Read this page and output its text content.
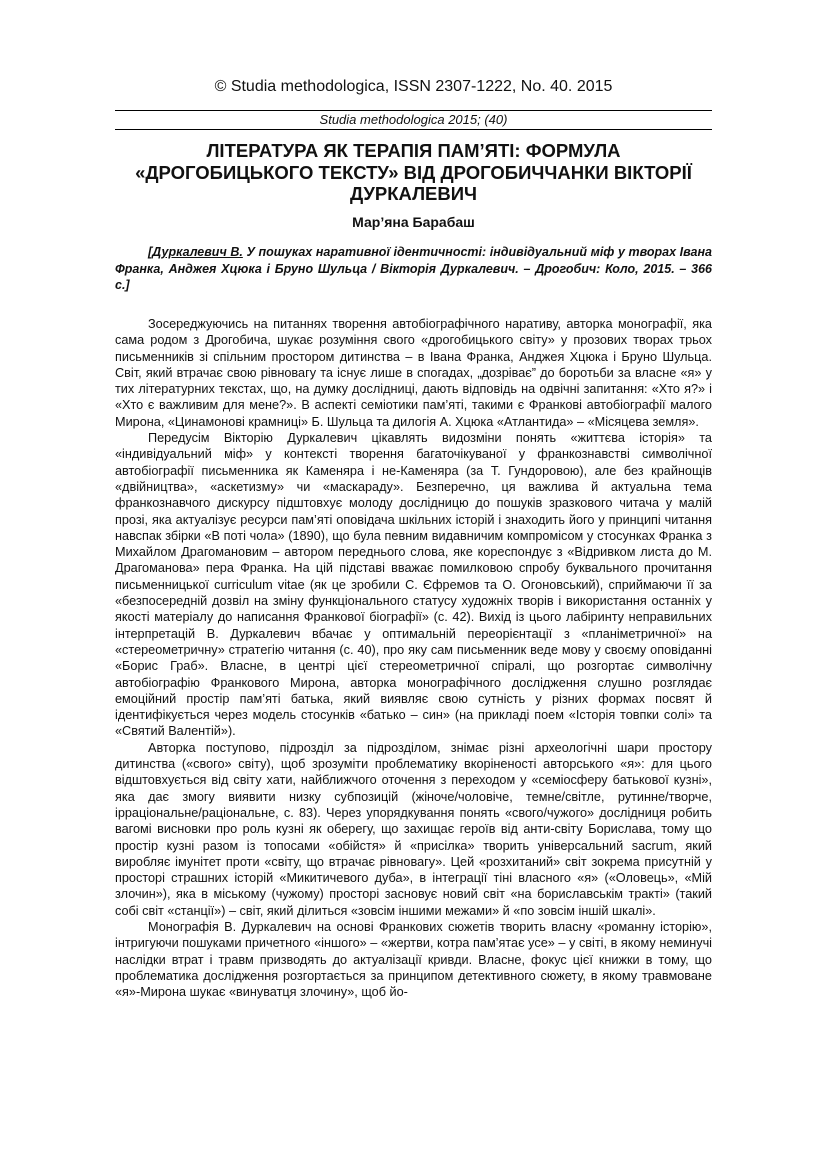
© Studia methodologica, ISSN 2307-1222, No. 40. 2015
Studia methodologica 2015; (40)
ЛІТЕРАТУРА ЯК ТЕРАПІЯ ПАМ’ЯТІ: ФОРМУЛА «ДРОГОБИЦЬКОГО ТЕКСТУ» ВІД ДРОГОБИЧЧАНКИ ВІКТОРІЇ ДУРКАЛЕВИЧ
Мар’яна Барабаш

[Дуркалевич В. У пошуках наративної ідентичності: індивідуальний міф у творах Івана Франка, Анджея Хцюка і Бруно Шульца / Вікторія Дуркалевич. – Дрогобич: Коло, 2015. – 366 с.]

Зосереджуючись на питаннях творення автобіографічного наративу, авторка монографії, яка сама родом з Дрогобича, шукає розуміння свого «дрогобицького світу» у прозових творах трьох письменників зі спільним простором дитинства – в Івана Франка, Анджея Хцюка і Бруно Шульца. Світ, який втрачає свою рівновагу та існує лише в спогадах, „дозріває” до боротьби за власне «я» у тих літературних текстах, що, на думку дослідниці, дають відповідь на одвічні запитання: «Хто я?» і «Хто є важливим для мене?». В аспекті семіотики пам’яті, такими є Франкові автобіографії малого Мирона, «Цинамонові крамниці» Б. Шульца та дилогія А. Хцюка «Атлантида» – «Місяцева земля».

Передусім Вікторію Дуркалевич цікавлять видозміни понять «життєва історія» та «індивідуальний міф» у контексті творення багаточікуваної у франкознавстві символічної автобіографії письменника як Каменяра і не-Каменяра (за Т. Гундоровою), але без крайнощів «двійництва», «аскетизму» чи «маскараду». Безперечно, ця важлива й актуальна тема франкознавчого дискурсу підштовхує молоду дослідницю до пошуків зразкового читача у малій прозі, яка актуалізує ресурси пам’яті оповідача шкільних історій і знаходить його у принципі читання навспак збірки «В поті чола» (1890), що була певним видавничим компромісом у стосунках Франка з Михайлом Драгомановим – автором переднього слова, яке кореспондує з «Відривком листа до М. Драгоманова» пера Франка. На цій підставі вважає помилковою спробу буквального прочитання письменницької curriculum vitae (як це зробили С. Єфремов та О. Огоновський), сприймаючи її за «безпосередній дозвіл на зміну функціонального статусу художніх творів і використання останніх у якості матеріалу до написання Франкової біографії» (с. 42). Вихід із цього лабіринту неправильних інтерпретацій В. Дуркалевич вбачає у оптимальній переорієнтації з «планіметричної» на «стереометричну» стратегію читання (с. 40), про яку сам письменник веде мову у своєму оповіданні «Борис Граб». Власне, в центрі цієї стереометричної спіралі, що розгортає символічну автобіографію Франкового Мирона, авторка монографічного дослідження слушно розглядає емоційний простір пам’яті батька, який виявляє свою сутність у різних формах посвят й ідентифікується через модель стосунків «батько – син» (на прикладі поем «Історія товпки солі» та «Святий Валентій»).

Авторка поступово, підрозділ за підрозділом, знімає різні археологічні шари простору дитинства («свого» світу), щоб зрозуміти проблематику вкоріненості авторського «я»: для цього відштовхується від світу хати, найближчого оточення з переходом у «семіосферу батькової кузні», яка дає змогу виявити низку субпозицій (жіноче/чоловіче, темне/світле, рутинне/творче, ірраціональне/раціональне, с. 83). Через упорядкування понять «свого/чужого» дослідниця робить вагомі висновки про роль кузні як оберегу, що захищає героїв від анти-світу Борислава, тому що простір кузні разом із топосами «обійстя» й «присілка» творить універсальний sacrum, який виробляє імунітет проти «світу, що втрачає рівновагу». Цей «розхитаний» світ зокрема присутній у просторі страшних історій «Микитичевого дуба», в інтеграції тіні власного «я» («Оловець», «Мій злочин»), яка в міському (чужому) просторі засновує новий світ «на бориславськім тракті» (такий собі світ «станції») – світ, який ділиться «зовсім іншими межами» й «по зовсім іншій шкалі».

Монографія В. Дуркалевич на основі Франкових сюжетів творить власну «романну історію», інтригуючи пошуками причетного «іншого» – «жертви, котра пам’ятає усе» – у світі, в якому неминучі наслідки втрат і травм призводять до актуалізації кривди. Власне, фокус цієї книжки в тому, що проблематика дослідження розгортається за принципом детективного сюжету, в якому травмоване «я»-Мирона шукає «винуватця злочину», щоб йо-
